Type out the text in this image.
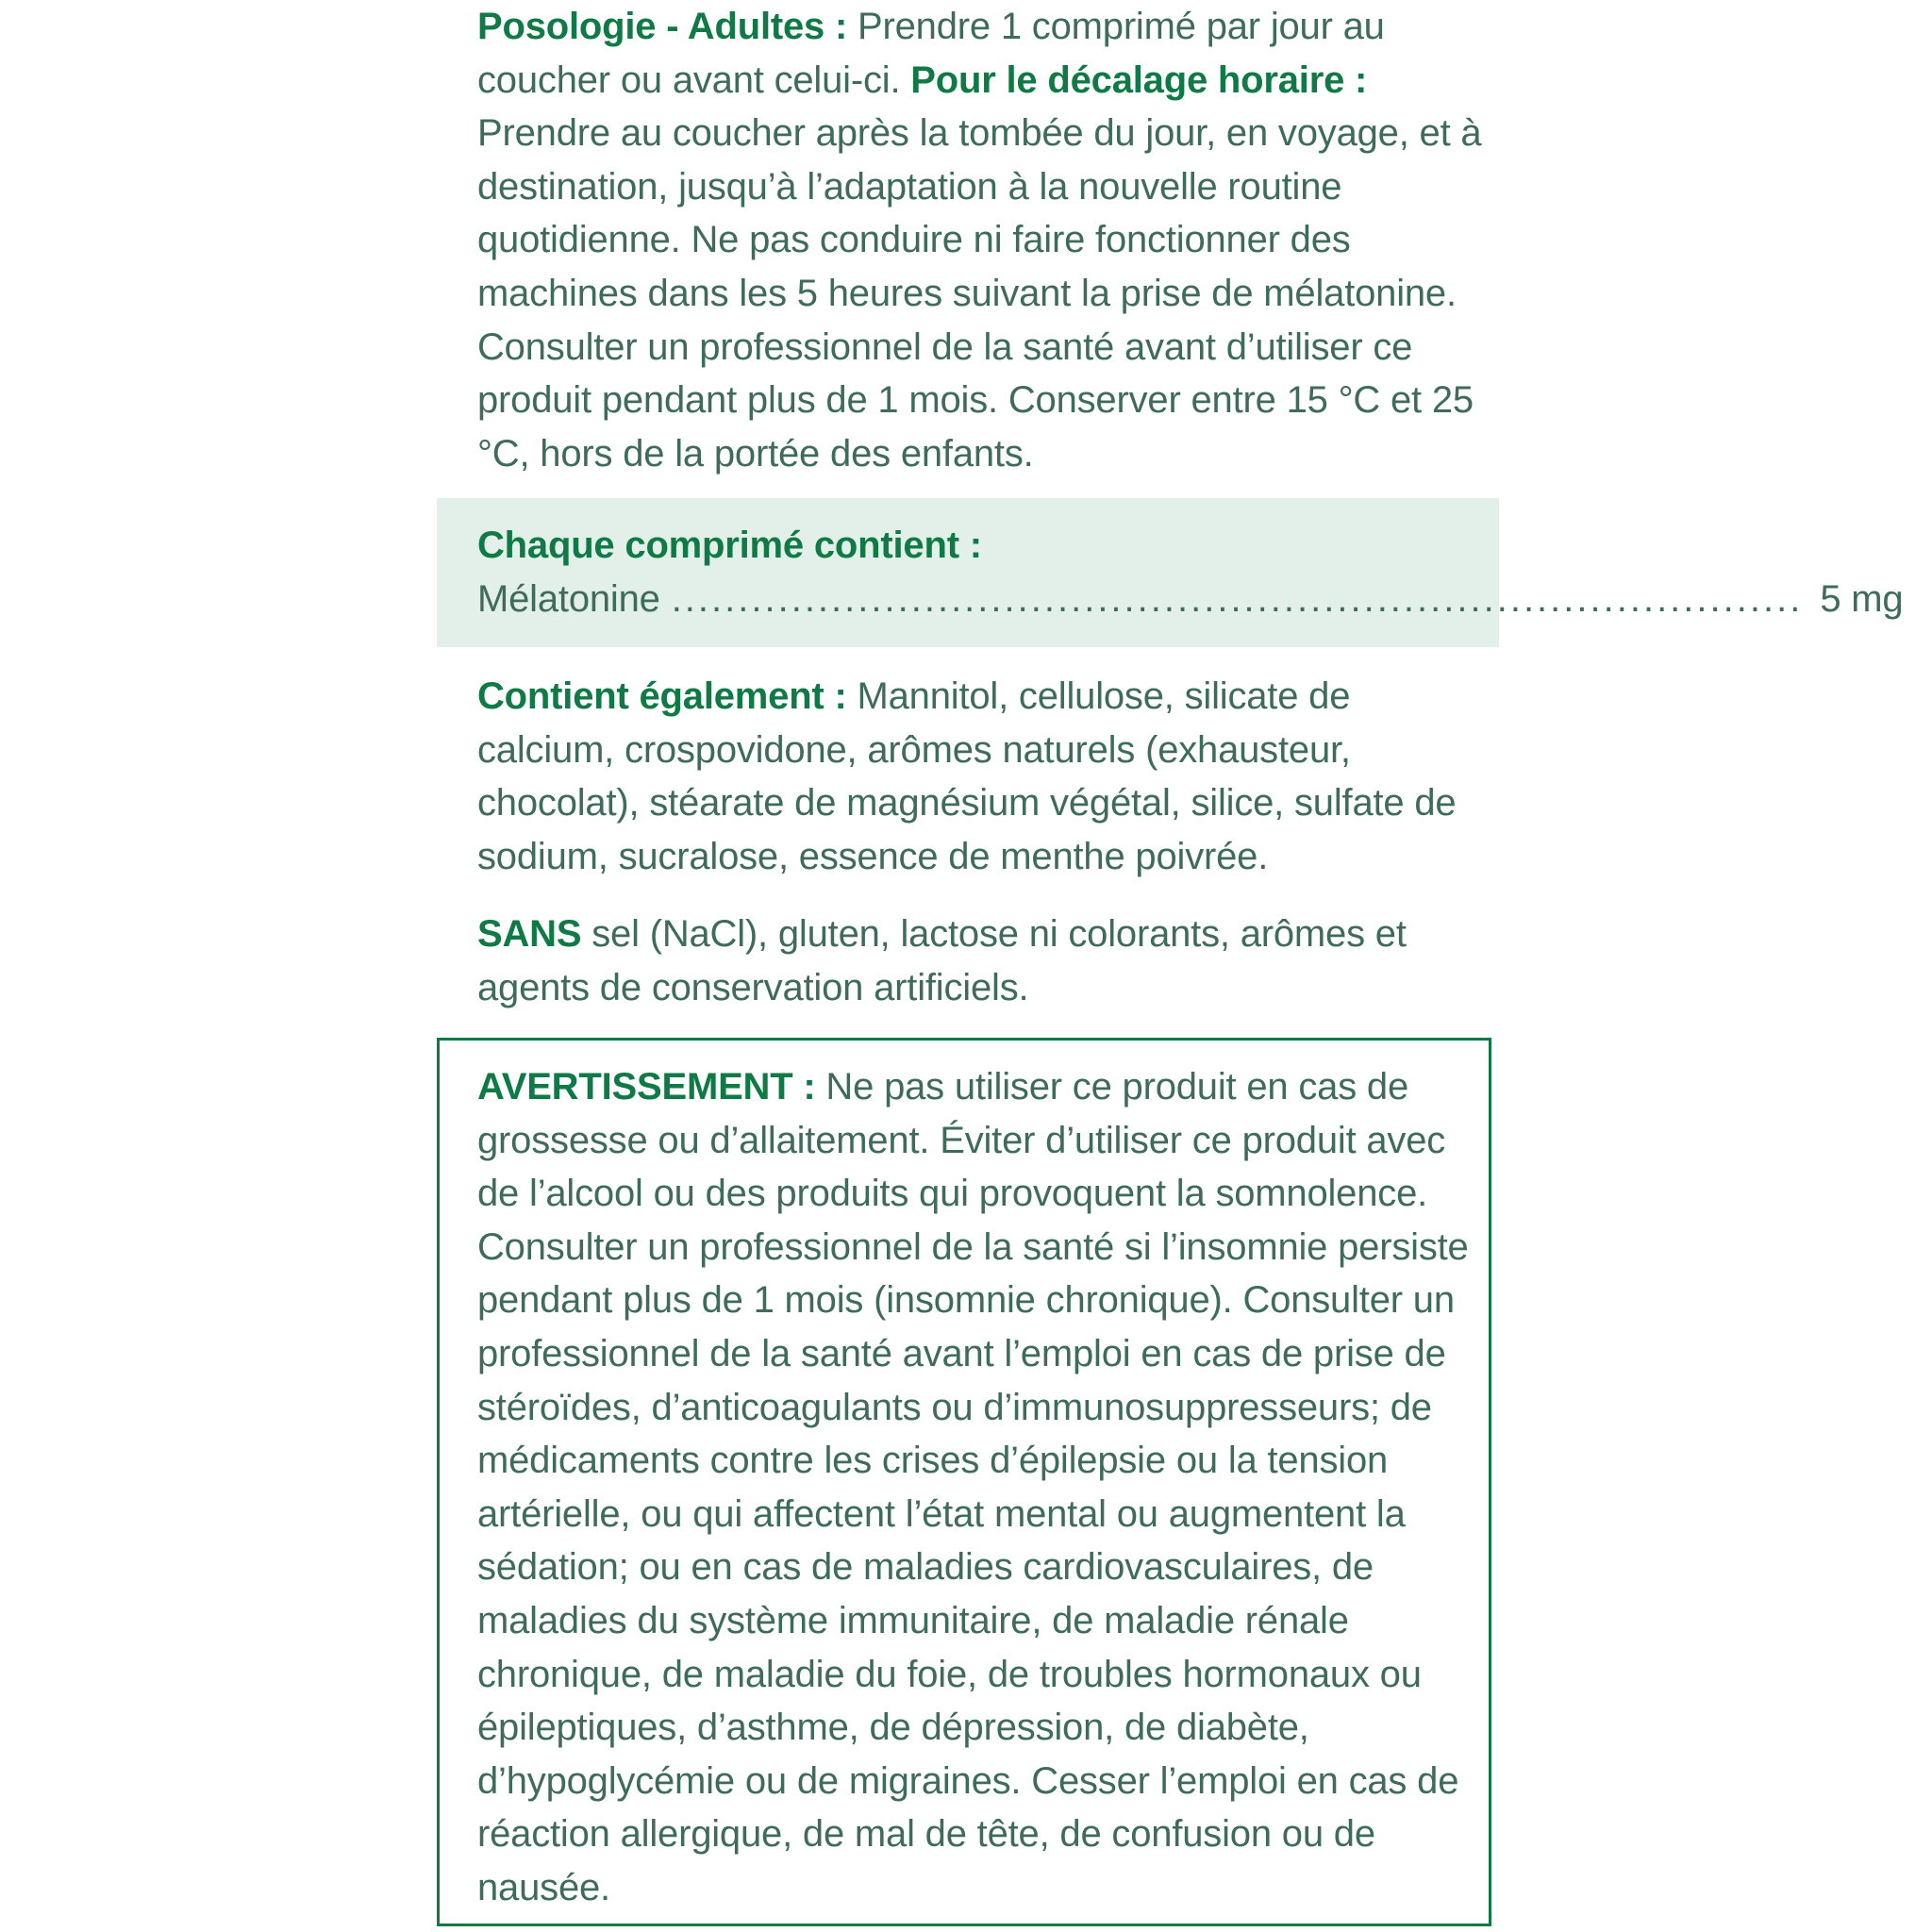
Posologie - Adultes : Prendre 1 comprimé par jour au coucher ou avant celui-ci. Pour le décalage horaire : Prendre au coucher après la tombée du jour, en voyage, et à destination, jusqu’à l’adaptation à la nouvelle routine quotidienne. Ne pas conduire ni faire fonctionner des machines dans les 5 heures suivant la prise de mélatonine. Consulter un professionnel de la santé avant d’utiliser ce produit pendant plus de 1 mois. Conserver entre 15 °C et 25 °C, hors de la portée des enfants.
Chaque comprimé contient :
Mélatonine ..................................................................................... 5 mg
Contient également : Mannitol, cellulose, silicate de calcium, crospovidone, arômes naturels (exhausteur, chocolat), stéarate de magnésium végétal, silice, sulfate de sodium, sucralose, essence de menthe poivrée.
SANS sel (NaCl), gluten, lactose ni colorants, arômes et agents de conservation artificiels.
AVERTISSEMENT : Ne pas utiliser ce produit en cas de grossesse ou d’allaitement. Éviter d’utiliser ce produit avec de l’alcool ou des produits qui provoquent la somnolence. Consulter un professionnel de la santé si l’insomnie persiste pendant plus de 1 mois (insomnie chronique). Consulter un professionnel de la santé avant l’emploi en cas de prise de stéroïdes, d’anticoagulants ou d’immunosuppresseurs; de médicaments contre les crises d’épilepsie ou la tension artérielle, ou qui affectent l’état mental ou augmentent la sédation; ou en cas de maladies cardiovasculaires, de maladies du système immunitaire, de maladie rénale chronique, de maladie du foie, de troubles hormonaux ou épileptiques, d’asthme, de dépression, de diabète, d’hypoglycémie ou de migraines. Cesser l’emploi en cas de réaction allergique, de mal de tête, de confusion ou de nausée.
